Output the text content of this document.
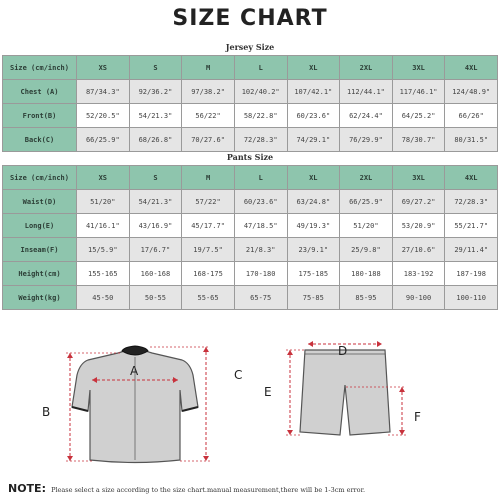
SIZE CHART
Jersey Size
Size (cm/inch)	XS	S	M	L	XL	2XL	3XL	4XL
Chest (A)	87/34.3"	92/36.2"	97/38.2"	102/40.2"	107/42.1"	112/44.1"	117/46.1"	124/48.9"
Front(B)	52/20.5"	54/21.3"	56/22"	58/22.8"	60/23.6"	62/24.4"	64/25.2"	66/26"
Back(C)	66/25.9"	68/26.8"	70/27.6"	72/28.3"	74/29.1"	76/29.9"	78/30.7"	80/31.5"
Pants Size
Size (cm/inch)	XS	S	M	L	XL	2XL	3XL	4XL
Waist(D)	51/20"	54/21.3"	57/22"	60/23.6"	63/24.8"	66/25.9"	69/27.2"	72/28.3"
Long(E)	41/16.1"	43/16.9"	45/17.7"	47/18.5"	49/19.3"	51/20"	53/20.9"	55/21.7"
Inseam(F)	15/5.9"	17/6.7"	19/7.5"	21/8.3"	23/9.1"	25/9.8"	27/10.6"	29/11.4"
Height(cm)	155-165	160-168	168-175	170-180	175-185	180-188	183-192	187-198
Weight(kg)	45-50	50-55	55-65	65-75	75-85	85-95	90-100	100-110
A
B
C
D
E
F
NOTE: Please select a size according to the size chart.manual measurement,there will be 1-3cm error.
